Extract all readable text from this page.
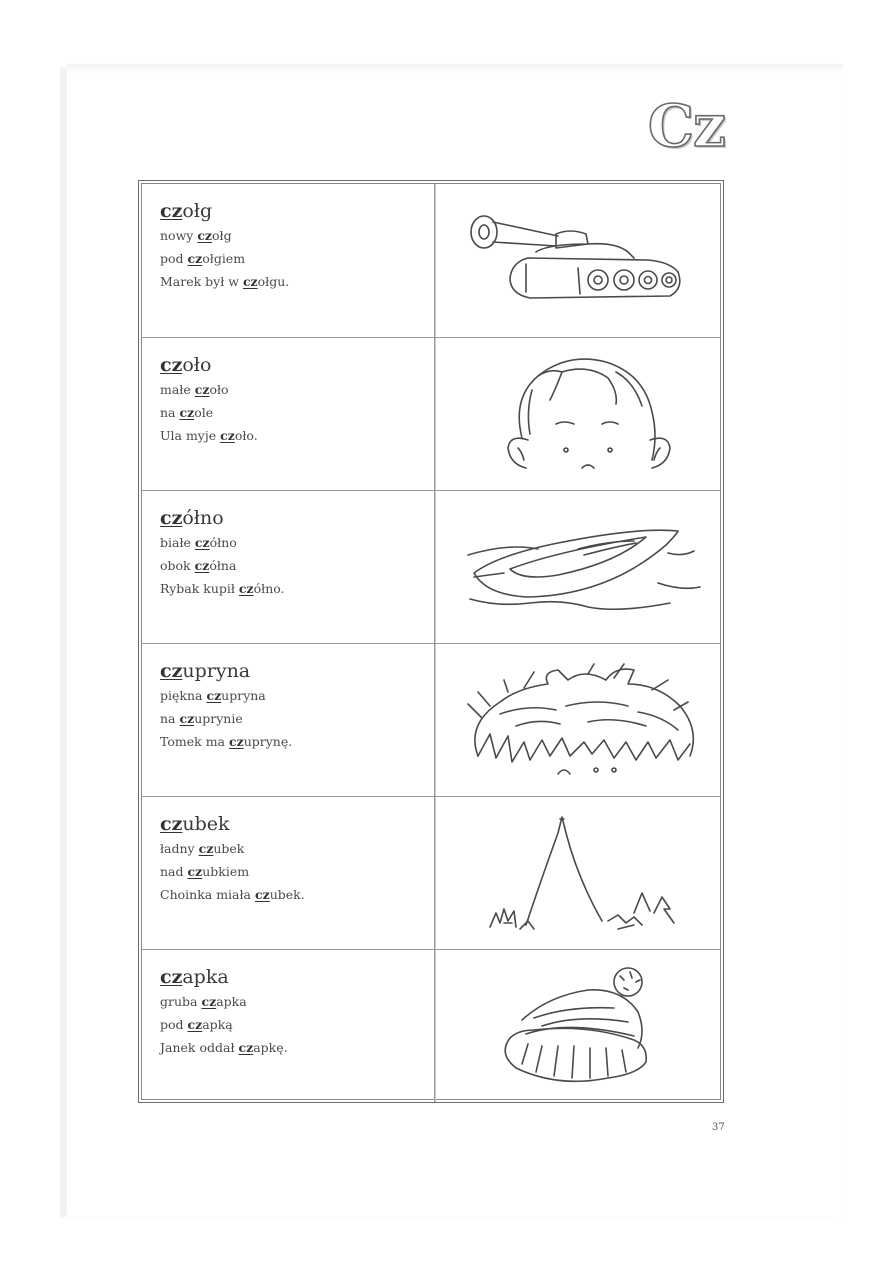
Cz
czołg
nowy czołg
pod czołgiem
Marek był w czołgu.
czoło
małe czoło
na czole
Ula myje czoło.
czółno
białe czółno
obok czółna
Rybak kupił czółno.
czupryna
piękna czupryna
na czuprynie
Tomek ma czuprynę.
czubek
ładny czubek
nad czubkiem
Choinka miała czubek.
czapka
gruba czapka
pod czapką
Janek oddał czapkę.
37
